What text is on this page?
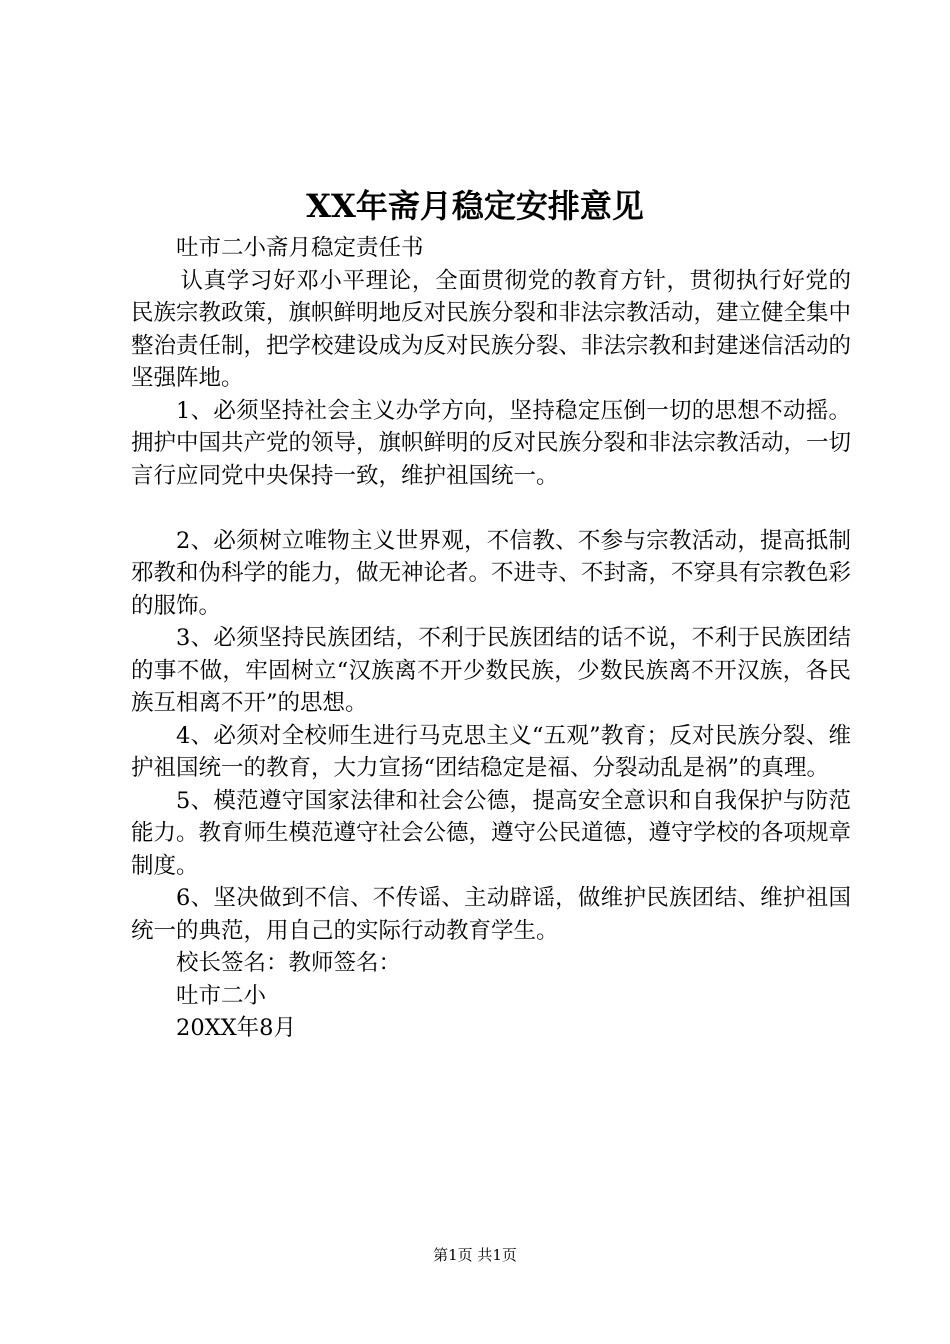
XX年斋月稳定安排意见

吐市二小斋月稳定责任书

认真学习好邓小平理论，全面贯彻党的教育方针，贯彻执行好党的民族宗教政策，旗帜鲜明地反对民族分裂和非法宗教活动，建立健全集中整治责任制，把学校建设成为反对民族分裂、非法宗教和封建迷信活动的坚强阵地。

1、必须坚持社会主义办学方向，坚持稳定压倒一切的思想不动摇。拥护中国共产党的领导，旗帜鲜明的反对民族分裂和非法宗教活动，一切言行应同党中央保持一致，维护祖国统一。

2、必须树立唯物主义世界观，不信教、不参与宗教活动，提高抵制邪教和伪科学的能力，做无神论者。不进寺、不封斋，不穿具有宗教色彩的服饰。

3、必须坚持民族团结，不利于民族团结的话不说，不利于民族团结的事不做，牢固树立“汉族离不开少数民族，少数民族离不开汉族，各民族互相离不开”的思想。

4、必须对全校师生进行马克思主义“五观”教育；反对民族分裂、维护祖国统一的教育，大力宣扬“团结稳定是福、分裂动乱是祸”的真理。

5、模范遵守国家法律和社会公德，提高安全意识和自我保护与防范能力。教育师生模范遵守社会公德，遵守公民道德，遵守学校的各项规章制度。

6、坚决做到不信、不传谣、主动辟谣，做维护民族团结、维护祖国统一的典范，用自己的实际行动教育学生。

校长签名：教师签名：

吐市二小

20XX年8月

第1页 共1页
